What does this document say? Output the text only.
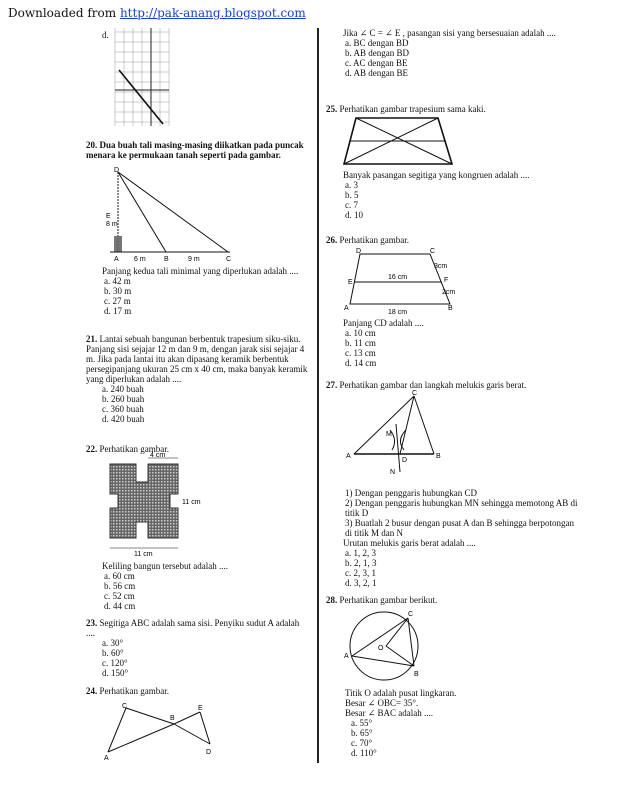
Downloaded from http://pak-anang.blogspot.com
d.
20. Dua buah tali masing-masing diikatkan pada puncak menara ke permukaan tanah seperti pada gambar.
D
E
8 m
A 6 m	B	9 m	C
Panjang kedua tali minimal yang diperlukan adalah ....
a. 42 m
b. 30 m
c. 27 m
d. 17 m
21. Lantai sebuah bangunan berbentuk trapesium siku-siku. Panjang sisi sejajar 12 m dan 9 m, dengan jarak sisi sejajar 4 m. Jika pada lantai itu akan dipasang keramik berbentuk persegipanjang ukuran 25 cm x 40 cm, maka banyak keramik yang diperlukan adalah ....
a. 240 buah
b. 260 buah
c. 360 buah
d. 420 buah
22. Perhatikan gambar.
4 cm
11 cm
11 cm
Keliling bangun tersebut adalah ....
a. 60 cm
b. 56 cm
c. 52 cm
d. 44 cm
23. Segitiga ABC adalah sama sisi. Penyiku sudut A adalah ....
a. 30°
b. 60°
c. 120°
d. 150°
24. Perhatikan gambar.
C
B
E
D
A
Jika ∠ C = ∠ E , pasangan sisi yang bersesuaian adalah ....
a. BC dengan BD
b. AB dengan BD
c. AC dengan BE
d. AB dengan BE
25. Perhatikan gambar trapesium sama kaki.
Banyak pasangan segitiga yang kongruen adalah ....
a. 3
b. 5
c. 7
d. 10
26. Perhatikan gambar.
D	C
E	F
A	B
16 cm
18 cm
3cm
2cm
Panjang CD adalah ....
a. 10 cm
b. 11 cm
c. 13 cm
d. 14 cm
27. Perhatikan gambar dan langkah melukis garis berat.
C
M
A
D
B
N
1) Dengan penggaris hubungkan CD
2) Dengan penggaris hubungkan MN sehingga memotong AB di titik D
3) Buatlah 2 busur dengan pusat A dan B sehingga berpotongan di titik M dan N
Urutan melukis garis berat adalah ....
a. 1, 2, 3
b. 2, 1, 3
c. 2, 3, 1
d. 3, 2, 1
28. Perhatikan gambar berikut.
C
O
A
B
Titik O adalah pusat lingkaran.
Besar ∠ OBC= 35°.
Besar ∠ BAC adalah ....
a. 55°
b. 65°
c. 70°
d. 110°
